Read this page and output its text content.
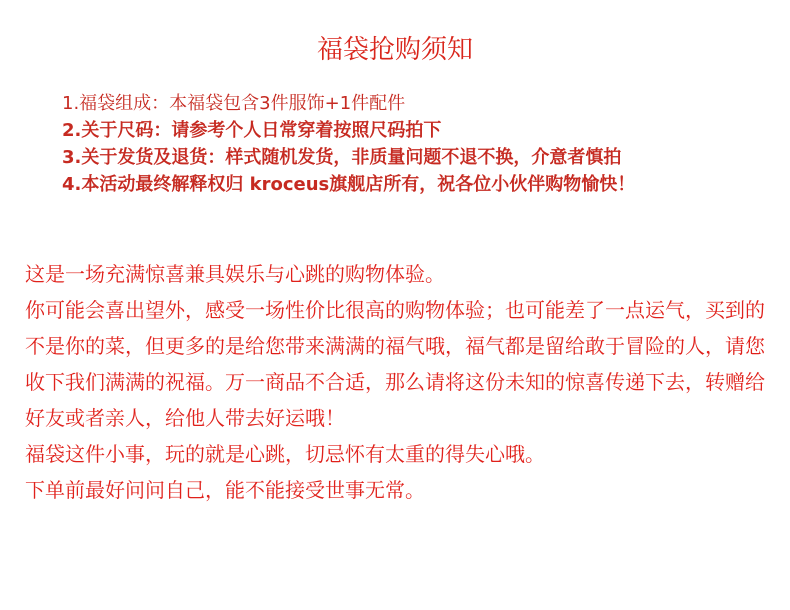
福袋抢购须知
1.福袋组成：本福袋包含3件服饰+1件配件
2.关于尺码：请参考个人日常穿着按照尺码拍下
3.关于发货及退货：样式随机发货，非质量问题不退不换，介意者慎拍
4.本活动最终解释权归 kroceus旗舰店所有，祝各位小伙伴购物愉快！

这是一场充满惊喜兼具娱乐与心跳的购物体验。

你可能会喜出望外，感受一场性价比很高的购物体验；也可能差了一点运气，买到的不是你的菜，但更多的是给您带来满满的福气哦，福气都是留给敢于冒险的人，请您收下我们满满的祝福。万一商品不合适，那么请将这份未知的惊喜传递下去，转赠给好友或者亲人，给他人带去好运哦！

福袋这件小事，玩的就是心跳，切忌怀有太重的得失心哦。

下单前最好问问自己，能不能接受世事无常。
